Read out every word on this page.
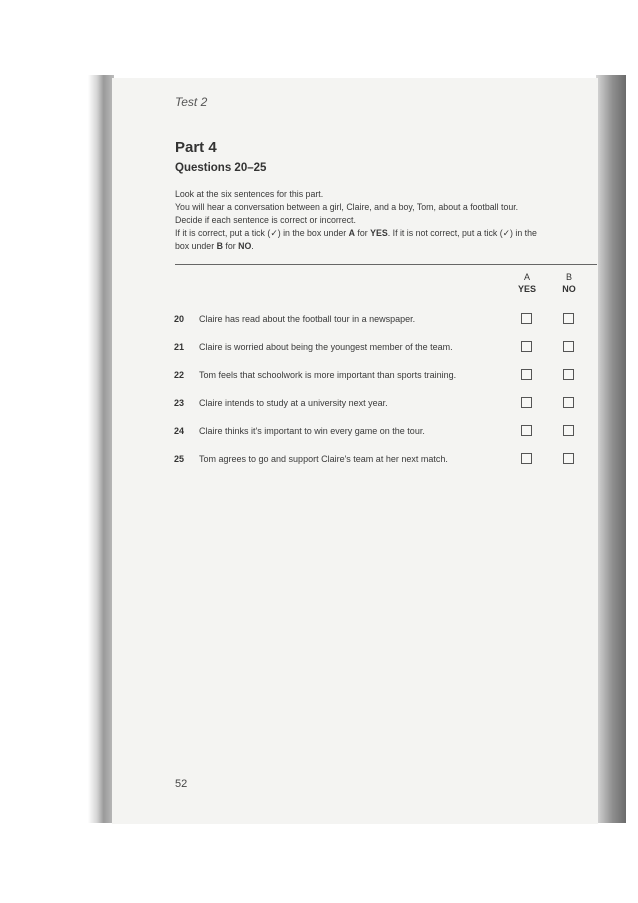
Test 2
Part 4
Questions 20–25

Look at the six sentences for this part.

You will hear a conversation between a girl, Claire, and a boy, Tom, about a football tour.

Decide if each sentence is correct or incorrect.

If it is correct, put a tick (✓) in the box under A for YES. If it is not correct, put a tick (✓) in the

box under B for NO.

A
YES
B
NO
20 Claire has read about the football tour in a newspaper.
21 Claire is worried about being the youngest member of the team.
22 Tom feels that schoolwork is more important than sports training.
23 Claire intends to study at a university next year.
24 Claire thinks it's important to win every game on the tour.
25 Tom agrees to go and support Claire's team at her next match.
52
